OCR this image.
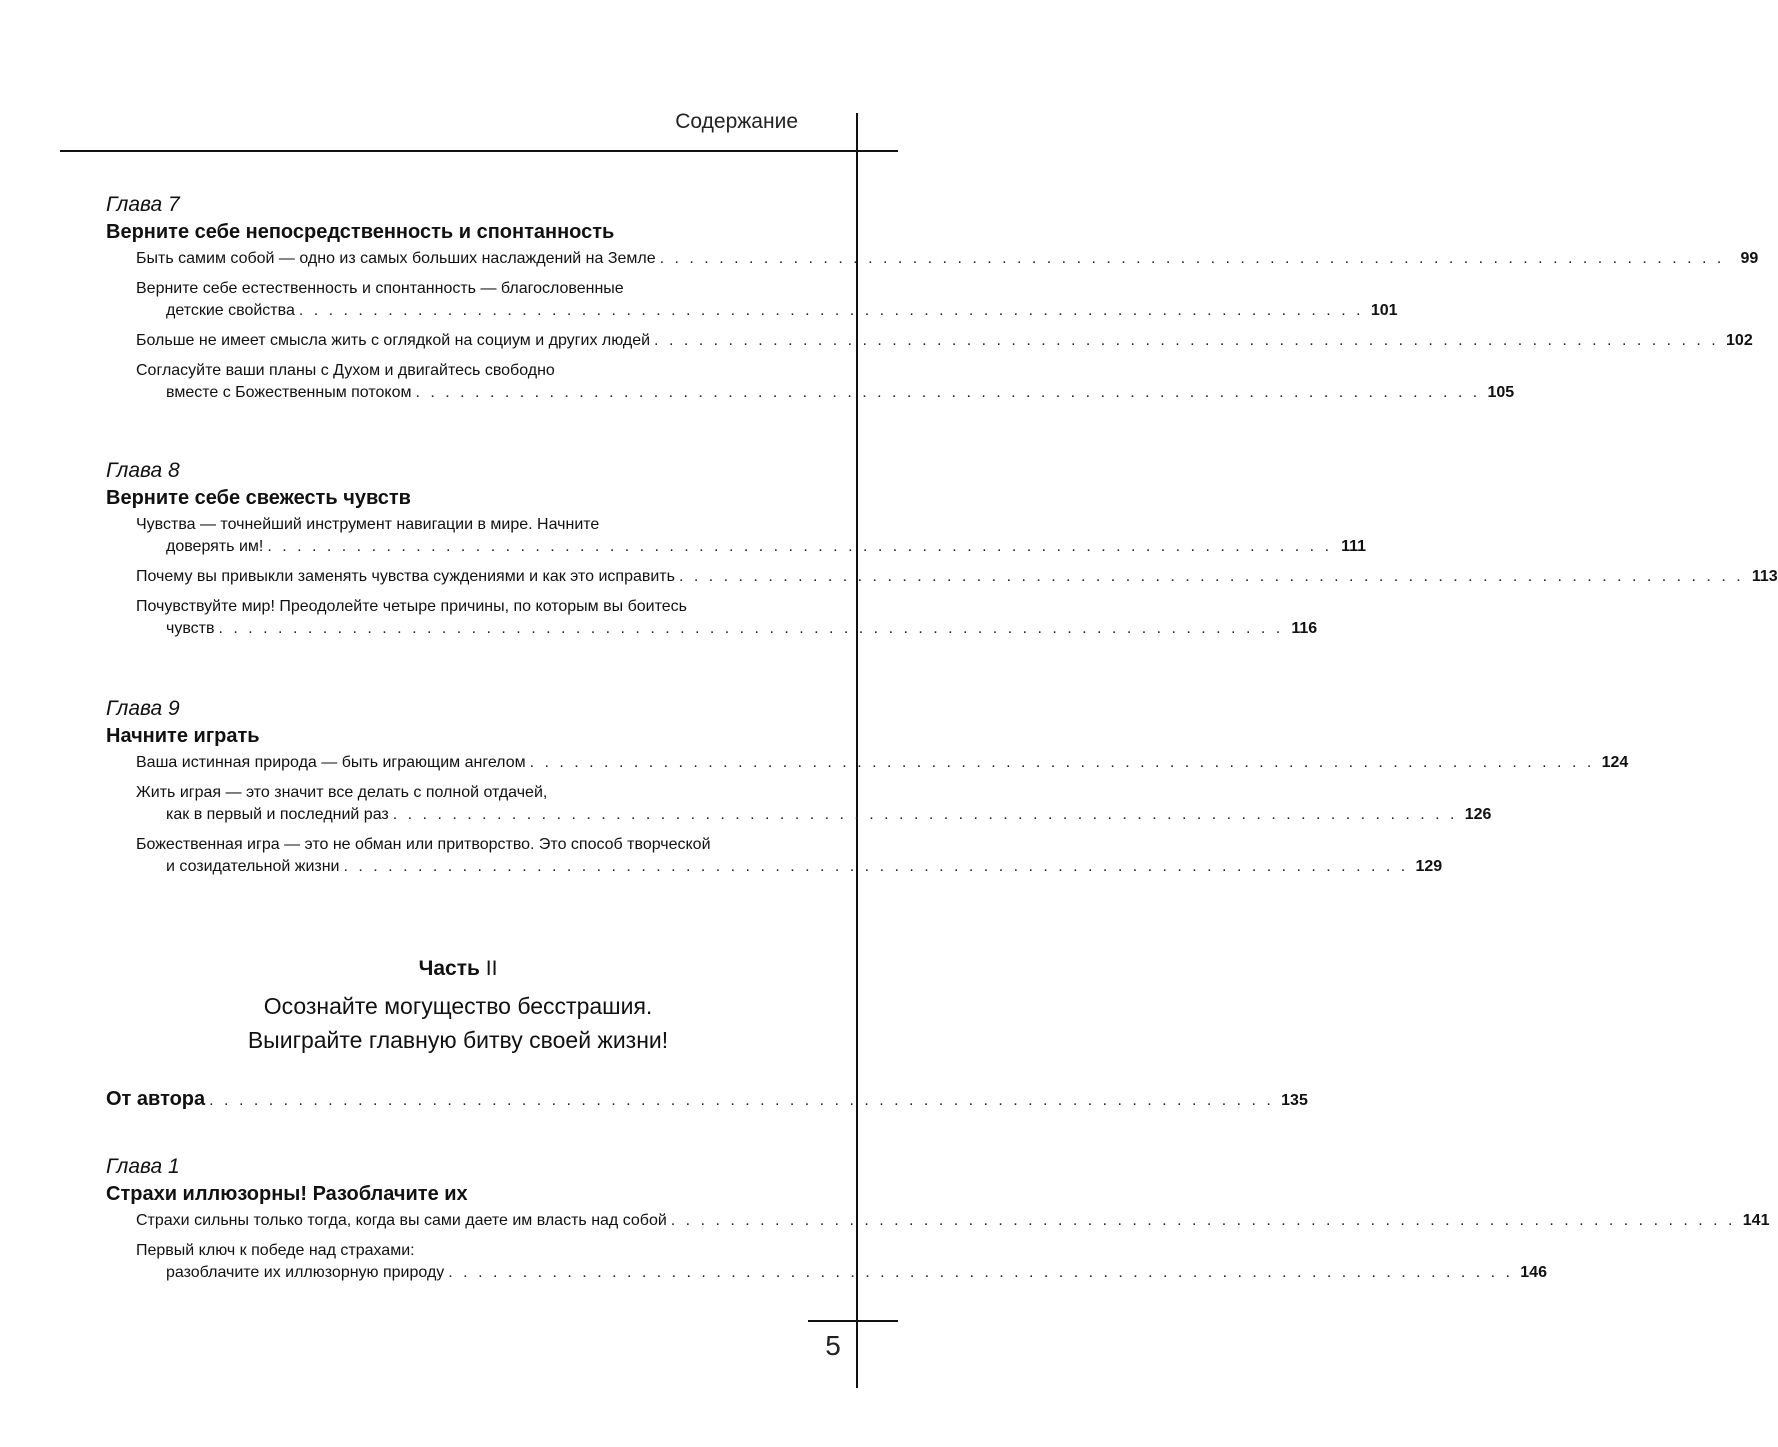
Содержание
Глава 7
Верните себе непосредственность и спонтанность
Быть самим собой — одно из самых больших наслаждений на Земле . . . . . . . . . . . . . . . . . . . . . . . . . . . . . . . . . . . . . . . . . . . . . . . . . . . . . . . . . . . . . . . . . . . . . . . .	99
Верните себе естественность и спонтанность — благословенные
детские свойства . . . . . . . . . . . . . . . . . . . . . . . . . . . . . . . . . . . . . . . . . . . . . . . . . . . . . . . . . . . . . . . . . . . . . . . . 101
Больше не имеет смысла жить с оглядкой на социум и других людей . . . . . . . . . . . . . . . . . . . . . . . . . . . . . . . . . . . . . . . . . . . . . . . . . . . . . . . . . . . . . . . . . . . . . . . . 102
Согласуйте ваши планы с Духом и двигайтесь свободно
вместе с Божественным потоком . . . . . . . . . . . . . . . . . . . . . . . . . . . . . . . . . . . . . . . . . . . . . . . . . . . . . . . . . . . . . . . . . . . . . . . . 105
Глава 8
Верните себе свежесть чувств
Чувства — точнейший инструмент навигации в мире. Начните
доверять им! . . . . . . . . . . . . . . . . . . . . . . . . . . . . . . . . . . . . . . . . . . . . . . . . . . . . . . . . . . . . . . . . . . . . . . . . 111
Почему вы привыкли заменять чувства суждениями и как это исправить . . . . . . . . . . . . . . . . . . . . . . . . . . . . . . . . . . . . . . . . . . . . . . . . . . . . . . . . . . . . . . . . . . . . . . . . 113
Почувствуйте мир! Преодолейте четыре причины, по которым вы боитесь
чувств . . . . . . . . . . . . . . . . . . . . . . . . . . . . . . . . . . . . . . . . . . . . . . . . . . . . . . . . . . . . . . . . . . . . . . . . 116
Глава 9
Начните играть
Ваша истинная природа — быть играющим ангелом . . . . . . . . . . . . . . . . . . . . . . . . . . . . . . . . . . . . . . . . . . . . . . . . . . . . . . . . . . . . . . . . . . . . . . . . 124
Жить играя — это значит все делать с полной отдачей,
как в первый и последний раз . . . . . . . . . . . . . . . . . . . . . . . . . . . . . . . . . . . . . . . . . . . . . . . . . . . . . . . . . . . . . . . . . . . . . . . . 126
Божественная игра — это не обман или притворство. Это способ творческой
и созидательной жизни . . . . . . . . . . . . . . . . . . . . . . . . . . . . . . . . . . . . . . . . . . . . . . . . . . . . . . . . . . . . . . . . . . . . . . . . 129
Часть II
Осознайте могущество бесстрашия.
Выиграйте главную битву своей жизни!
От автора . . . . . . . . . . . . . . . . . . . . . . . . . . . . . . . . . . . . . . . . . . . . . . . . . . . . . . . . . . . . . . . . . . . . . . . . 135
Глава 1
Страхи иллюзорны! Разоблачите их
Страхи сильны только тогда, когда вы сами даете им власть над собой . . . . . . . . . . . . . . . . . . . . . . . . . . . . . . . . . . . . . . . . . . . . . . . . . . . . . . . . . . . . . . . . . . . . . . . . 141
Первый ключ к победе над страхами:
разоблачите их иллюзорную природу . . . . . . . . . . . . . . . . . . . . . . . . . . . . . . . . . . . . . . . . . . . . . . . . . . . . . . . . . . . . . . . . . . . . . . . . 146
5
